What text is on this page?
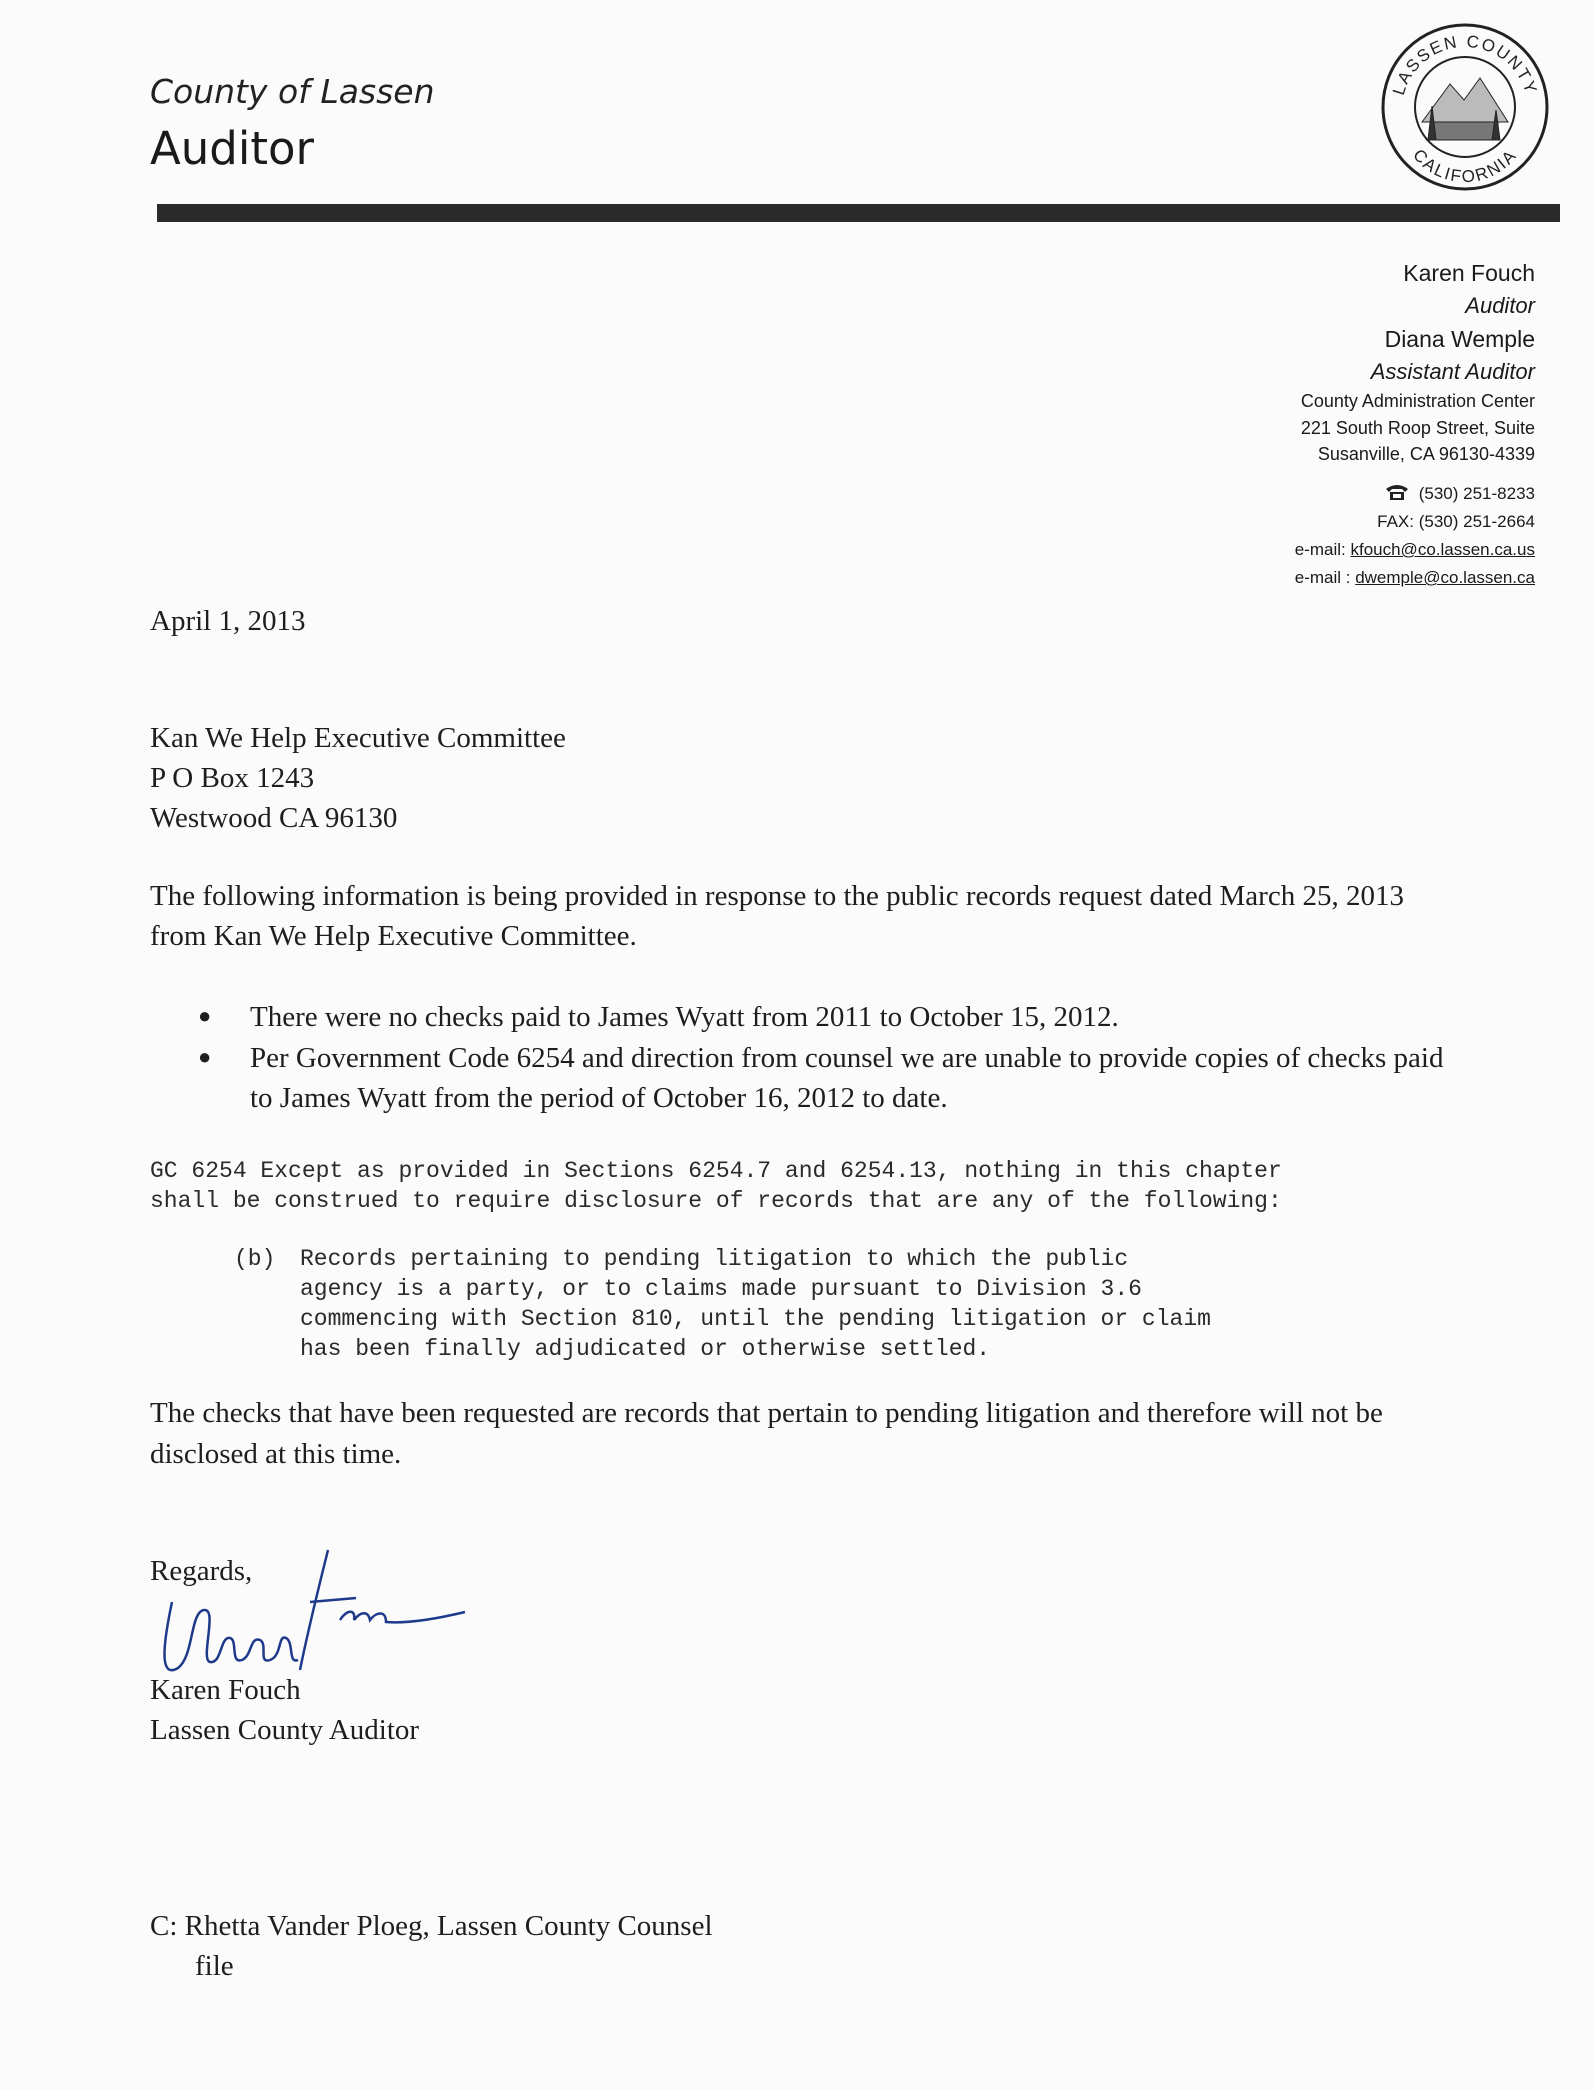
County of Lassen
Auditor
LASSEN COUNTY
CALIFORNIA
Karen Fouch
Auditor
Diana Wemple
Assistant Auditor
County Administration Center
221 South Roop Street, Suite
Susanville, CA 96130-4339
(530) 251-8233
FAX: (530) 251-2664
e-mail: kfouch@co.lassen.ca.us
e-mail : dwemple@co.lassen.ca
April 1, 2013
Kan We Help Executive Committee
P O Box 1243
Westwood CA 96130
The following information is being provided in response to the public records request dated March 25, 2013
from Kan We Help Executive Committee.
● There were no checks paid to James Wyatt from 2011 to October 15, 2012.
● Per Government Code 6254 and direction from counsel we are unable to provide copies of checks paid
to James Wyatt from the period of October 16, 2012 to date.
GC 6254 Except as provided in Sections 6254.7 and 6254.13, nothing in this chapter
shall be construed to require disclosure of records that are any of the following:
(b) Records pertaining to pending litigation to which the public
agency is a party, or to claims made pursuant to Division 3.6
commencing with Section 810, until the pending litigation or claim
has been finally adjudicated or otherwise settled.
The checks that have been requested are records that pertain to pending litigation and therefore will not be
disclosed at this time.
Regards,
Karen Fouch
Lassen County Auditor
C: Rhetta Vander Ploeg, Lassen County Counsel
file
